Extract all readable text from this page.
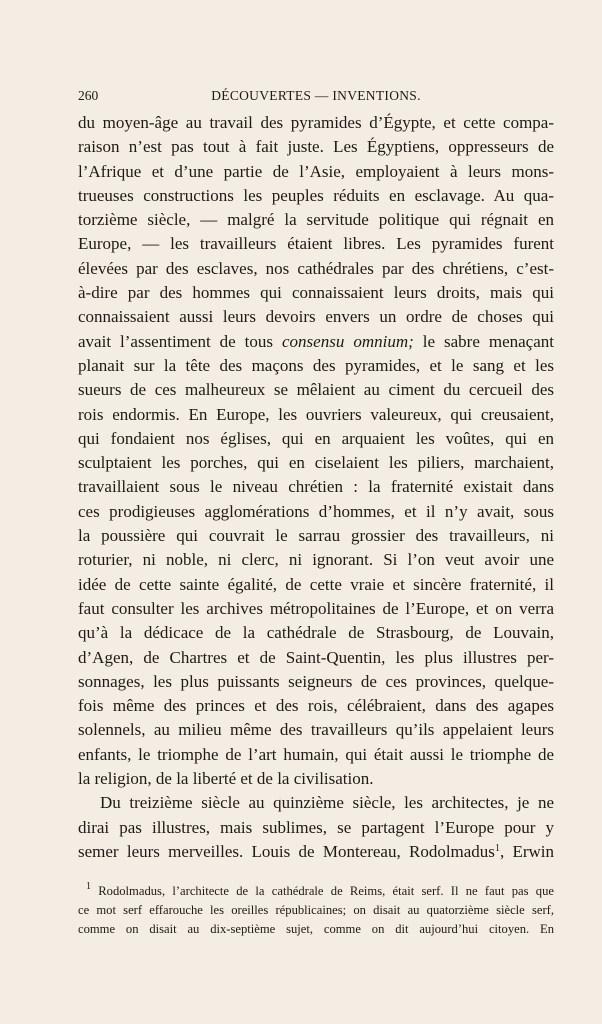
260	DÉCOUVERTES — INVENTIONS.
du moyen-âge au travail des pyramides d’Égypte, et cette compa-
raison n’est pas tout à fait juste. Les Égyptiens, oppresseurs de
l’Afrique et d’une partie de l’Asie, employaient à leurs mons-
trueuses constructions les peuples réduits en esclavage. Au qua-
torzième siècle, — malgré la servitude politique qui régnait en
Europe, — les travailleurs étaient libres. Les pyramides furent
élevées par des esclaves, nos cathédrales par des chrétiens, c’est-
à-dire par des hommes qui connaissaient leurs droits, mais qui
connaissaient aussi leurs devoirs envers un ordre de choses qui
avait l’assentiment de tous consensu omnium; le sabre menaçant
planait sur la tête des maçons des pyramides, et le sang et les
sueurs de ces malheureux se mêlaient au ciment du cercueil des
rois endormis. En Europe, les ouvriers valeureux, qui creusaient,
qui fondaient nos églises, qui en arquaient les voûtes, qui en
sculptaient les porches, qui en ciselaient les piliers, marchaient,
travaillaient sous le niveau chrétien : la fraternité existait dans
ces prodigieuses agglomérations d’hommes, et il n’y avait, sous
la poussière qui couvrait le sarrau grossier des travailleurs, ni
roturier, ni noble, ni clerc, ni ignorant. Si l’on veut avoir une
idée de cette sainte égalité, de cette vraie et sincère fraternité, il
faut consulter les archives métropolitaines de l’Europe, et on verra
qu’à la dédicace de la cathédrale de Strasbourg, de Louvain,
d’Agen, de Chartres et de Saint-Quentin, les plus illustres per-
sonnages, les plus puissants seigneurs de ces provinces, quelque-
fois même des princes et des rois, célébraient, dans des agapes
solennels, au milieu même des travailleurs qu’ils appelaient leurs
enfants, le triomphe de l’art humain, qui était aussi le triomphe de
la religion, de la liberté et de la civilisation.
Du treizième siècle au quinzième siècle, les architectes, je ne
dirai pas illustres, mais sublimes, se partagent l’Europe pour y
semer leurs merveilles. Louis de Montereau, Rodolmadus$^1$, Erwin
$^1$ Rodolmadus, l’architecte de la cathédrale de Reims, était serf. Il ne faut pas que
ce mot serf effarouche les oreilles républicaines; on disait au quatorzième siècle serf,
comme on disait au dix-septième sujet, comme on dit aujourd’hui citoyen. En
